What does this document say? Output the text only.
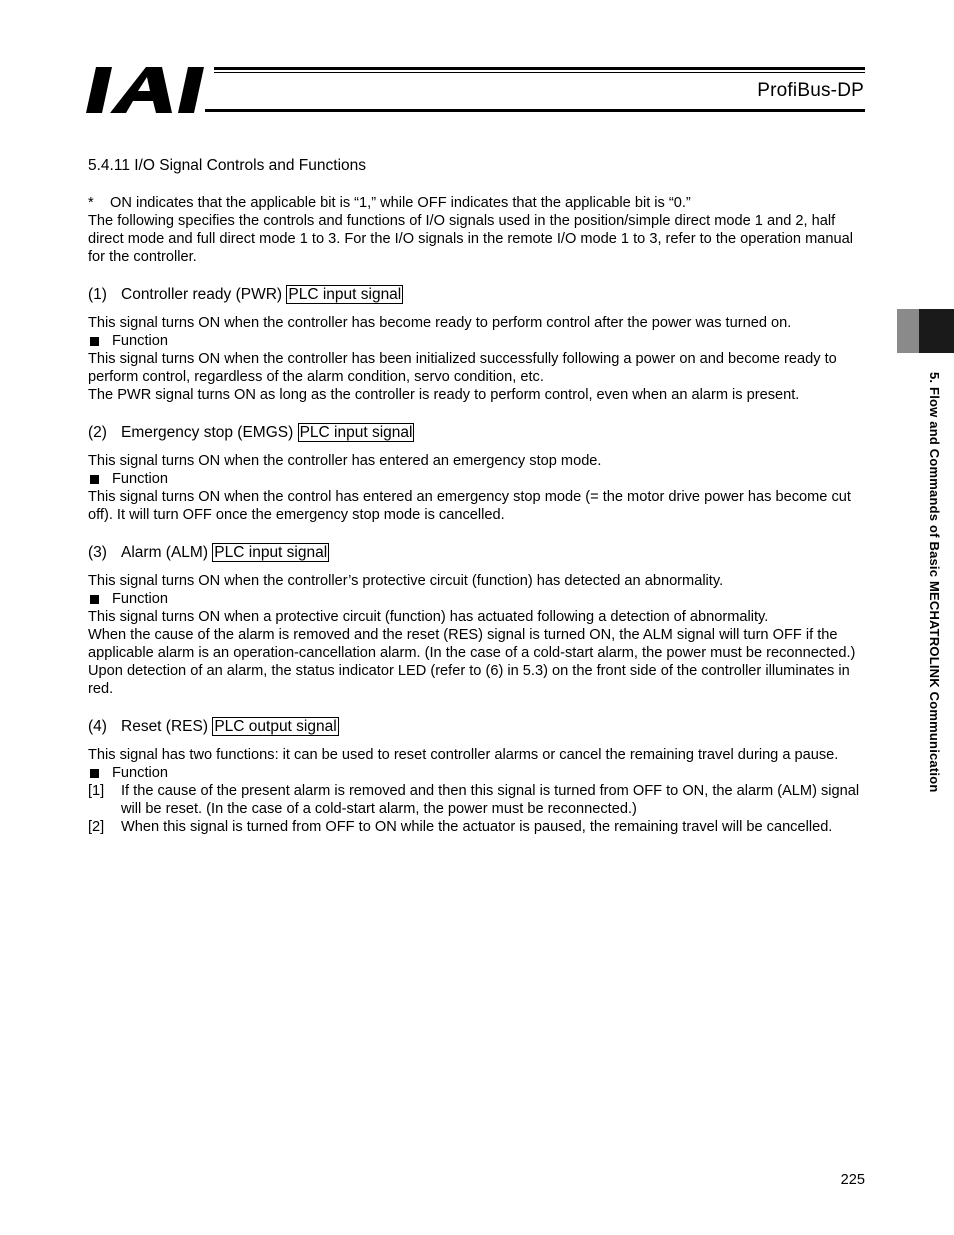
ProfiBus-DP
5. Flow and Commands of Basic MECHATROLINK Communication
5.4.11 I/O Signal Controls and Functions
*	ON indicates that the applicable bit is “1,” while OFF indicates that the applicable bit is “0.”

The following specifies the controls and functions of I/O signals used in the position/simple direct mode 1 and 2, half direct mode and full direct mode 1 to 3. For the I/O signals in the remote I/O mode 1 to 3, refer to the operation manual for the controller.

(1) Controller ready (PWR) PLC input signal

This signal turns ON when the controller has become ready to perform control after the power was turned on.

Function

This signal turns ON when the controller has been initialized successfully following a power on and become ready to perform control, regardless of the alarm condition, servo condition, etc.

The PWR signal turns ON as long as the controller is ready to perform control, even when an alarm is present.

(2) Emergency stop (EMGS) PLC input signal

This signal turns ON when the controller has entered an emergency stop mode.

Function

This signal turns ON when the control has entered an emergency stop mode (= the motor drive power has become cut off). It will turn OFF once the emergency stop mode is cancelled.

(3) Alarm (ALM) PLC input signal

This signal turns ON when the controller’s protective circuit (function) has detected an abnormality.

Function

This signal turns ON when a protective circuit (function) has actuated following a detection of abnormality.

When the cause of the alarm is removed and the reset (RES) signal is turned ON, the ALM signal will turn OFF if the applicable alarm is an operation-cancellation alarm. (In the case of a cold-start alarm, the power must be reconnected.)

Upon detection of an alarm, the status indicator LED (refer to (6) in 5.3) on the front side of the controller illuminates in red.

(4) Reset (RES) PLC output signal

This signal has two functions: it can be used to reset controller alarms or cancel the remaining travel during a pause.

Function
[1]	If the cause of the present alarm is removed and then this signal is turned from OFF to ON, the alarm (ALM) signal will be reset. (In the case of a cold-start alarm, the power must be reconnected.)
[2]	When this signal is turned from OFF to ON while the actuator is paused, the remaining travel will be cancelled.
225
